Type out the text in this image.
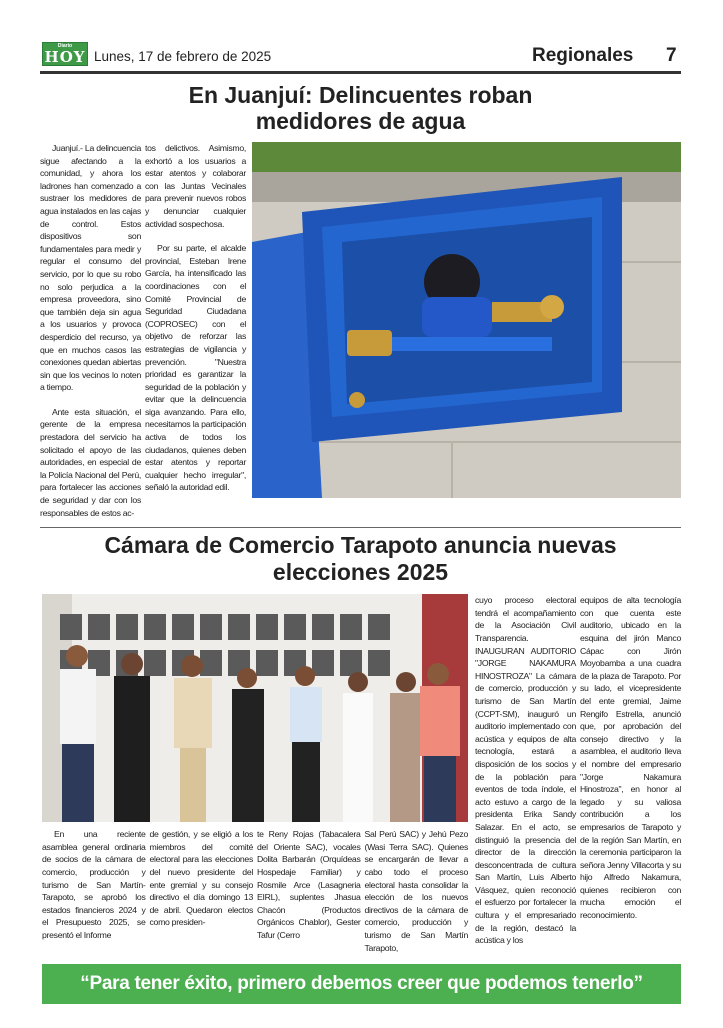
Diario
HOY Lunes, 17 de febrero de 2025	Regionales 7
En Juanjuí: Delincuentes roban medidores de agua

Juanjuí.- La delincuencia sigue afectando a la comunidad, y ahora los ladrones han comenzado a sustraer los medidores de agua instalados en las cajas de control. Estos dispositivos son fundamentales para medir y regular el consumo del servicio, por lo que su robo no solo perjudica a la empresa proveedora, sino que también deja sin agua a los usuarios y provoca desperdicio del recurso, ya que en muchos casos las conexiones quedan abiertas sin que los vecinos lo noten a tiempo.

Ante esta situación, el gerente de la empresa prestadora del servicio ha solicitado el apoyo de las autoridades, en especial de la Policía Nacional del Perú, para fortalecer las acciones de seguridad y dar con los responsables de estos ac-

tos delictivos. Asimismo, exhortó a los usuarios a estar atentos y colaborar con las Juntas Vecinales para prevenir nuevos robos y denunciar cualquier actividad sospechosa.

Por su parte, el alcalde provincial, Esteban Irene García, ha intensificado las coordinaciones con el Comité Provincial de Seguridad Ciudadana (COPROSEC) con el objetivo de reforzar las estrategias de vigilancia y prevención. "Nuestra prioridad es garantizar la seguridad de la población y evitar que la delincuencia siga avanzando. Para ello, necesitamos la participación activa de todos los ciudadanos, quienes deben estar atentos y reportar cualquier hecho irregular", señaló la autoridad edil.

Cámara de Comercio Tarapoto anuncia nuevas elecciones 2025

En una reciente asamblea general ordinaria de socios de la cámara de comercio, producción y turismo de San Martín-Tarapoto, se aprobó los estados financieros 2024 y el Presupuesto 2025, se presentó el Informe

de gestión, y se eligió a los miembros del comité electoral para las elecciones del nuevo presidente del ente gremial y su consejo directivo el día domingo 13 de abril. Quedaron electos como presiden-

te Reny Rojas (Tabacalera del Oriente SAC), vocales Dolita Barbarán (Orquídeas Hospedaje Familiar) y Rosmile Arce (Lasagneria EIRL), suplentes Jhasua Chacón (Productos Orgánicos Chablor), Gester Tafur (Cerro

Sal Perú SAC) y Jehú Pezo (Wasi Terra SAC). Quienes se encargarán de llevar a cabo todo el proceso electoral hasta consolidar la elección de los nuevos directivos de la cámara de comercio, producción y turismo de San Martín Tarapoto,

cuyo proceso electoral tendrá el acompañamiento de la Asociación Civil Transparencia. INAUGURAN AUDITORIO "JORGE NAKAMURA HINOSTROZA" La cámara de comercio, producción y turismo de San Martín (CCPT-SM), inauguró un auditorio implementado con acústica y equipos de alta tecnología, estará a disposición de los socios y de la población para eventos de toda índole, el acto estuvo a cargo de la presidenta Erika Sandy Salazar. En el acto, se distinguió la presencia del director de la dirección desconcentrada de cultura San Martín, Luis Alberto Vásquez, quien reconoció el esfuerzo por fortalecer la cultura y el empresariado de la región, destacó la acústica y los

equipos de alta tecnología con que cuenta este auditorio, ubicado en la esquina del jirón Manco Cápac con Jirón Moyobamba a una cuadra de la plaza de Tarapoto. Por su lado, el vicepresidente del ente gremial, Jaime Rengifo Estrella, anunció que, por aprobación del consejo directivo y la asamblea, el auditorio lleva el nombre del empresario "Jorge Nakamura Hinostroza", en honor al legado y su valiosa contribución a los empresarios de Tarapoto y de la región San Martín, en la ceremonia participaron la señora Jenny Villacorta y su hijo Alfredo Nakamura, quienes recibieron con mucha emoción el reconocimiento.

“Para tener éxito, primero debemos creer que podemos tenerlo”
